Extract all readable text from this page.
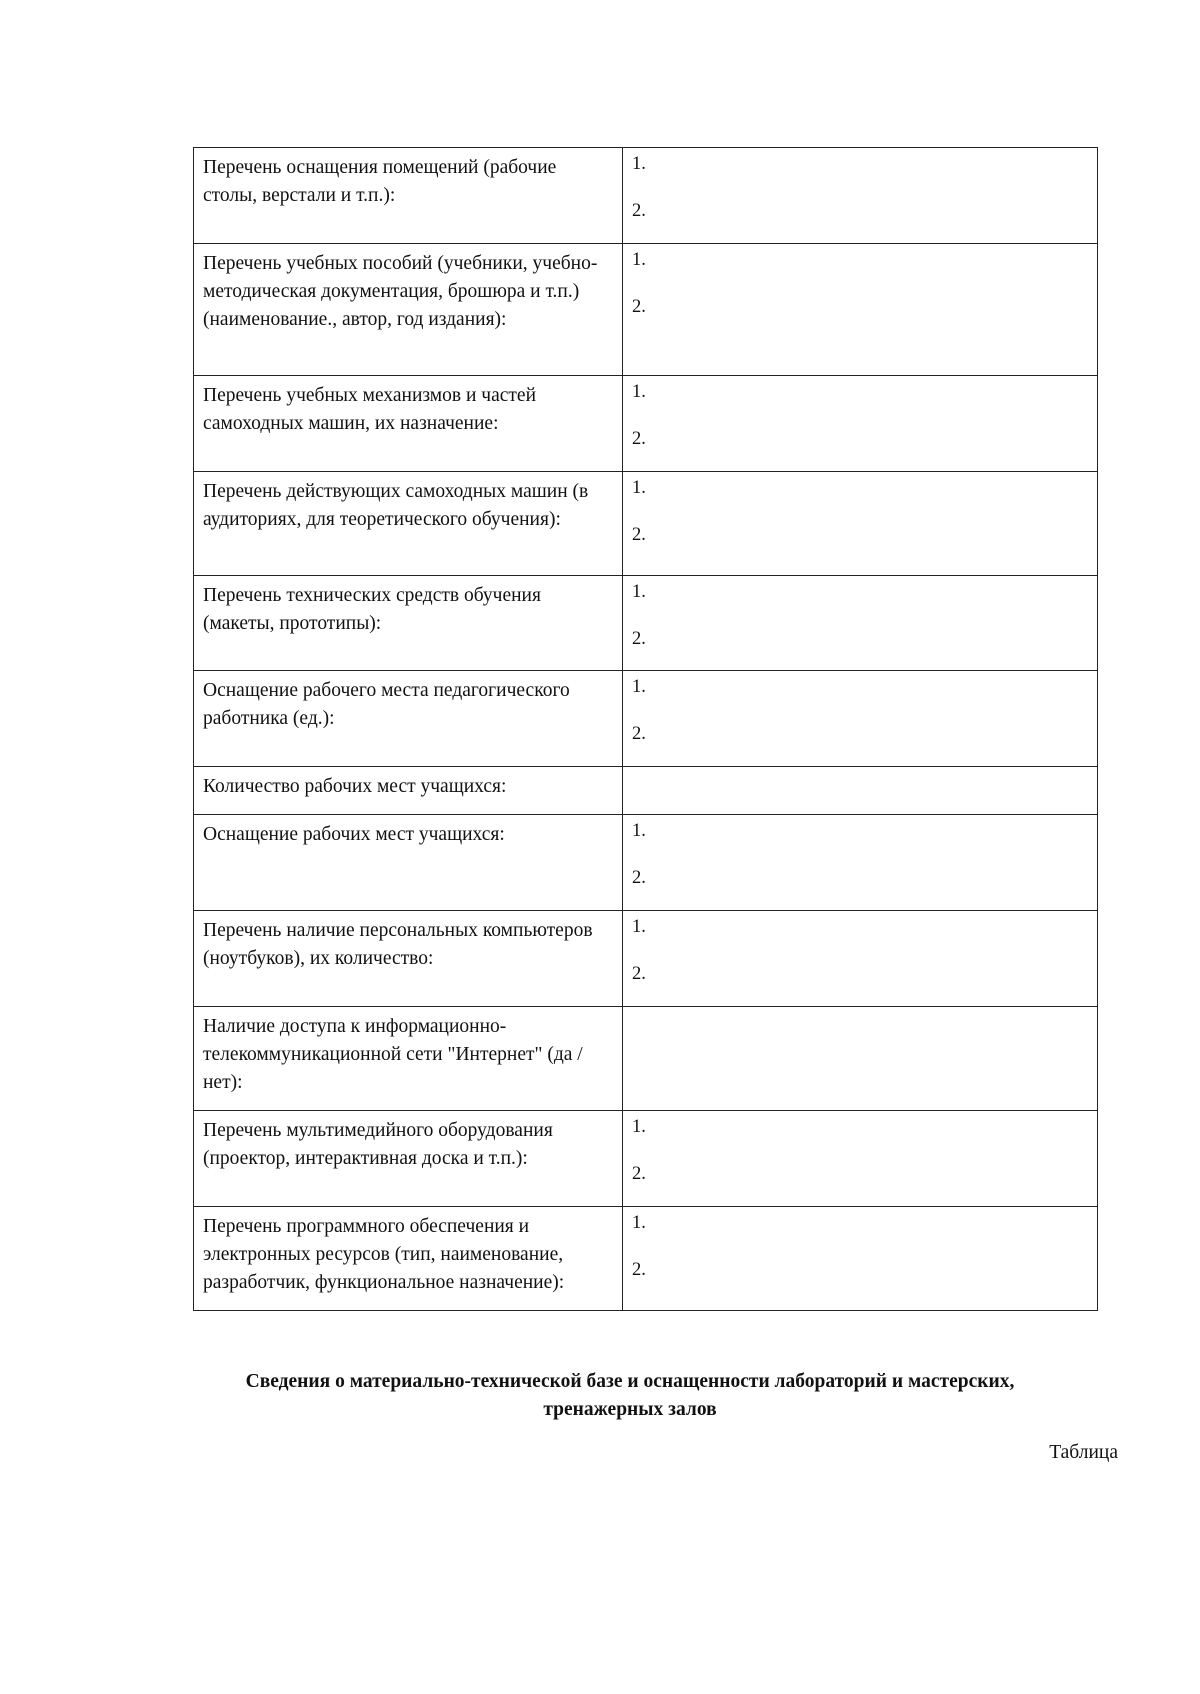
Перечень оснащения помещений (рабочие столы, верстали и т.п.):	1.
2.

Перечень учебных пособий (учебники, учебно-методическая документация, брошюра и т.п.) (наименование., автор, год издания):	1.
2.

Перечень учебных механизмов и частей самоходных машин, их назначение:	1.
2.

Перечень действующих самоходных машин (в аудиториях, для теоретического обучения):	1.
2.

Перечень технических средств обучения (макеты, прототипы):	1.
2.

Оснащение рабочего места педагогического работника (ед.):	1.
2.

Количество рабочих мест учащихся:	
Оснащение рабочих мест учащихся:	1.
2.

Перечень наличие персональных компьютеров (ноутбуков), их количество:	1.
2.

Наличие доступа к информационно-телекоммуникационной сети "Интернет" (да /нет):	
Перечень мультимедийного оборудования (проектор, интерактивная доска и т.п.):	1.
2.

Перечень программного обеспечения и электронных ресурсов (тип, наименование, разработчик, функциональное назначение):	1.
2.
Сведения о материально-технической базе и оснащенности лабораторий и мастерских,
тренажерных залов
Таблица
